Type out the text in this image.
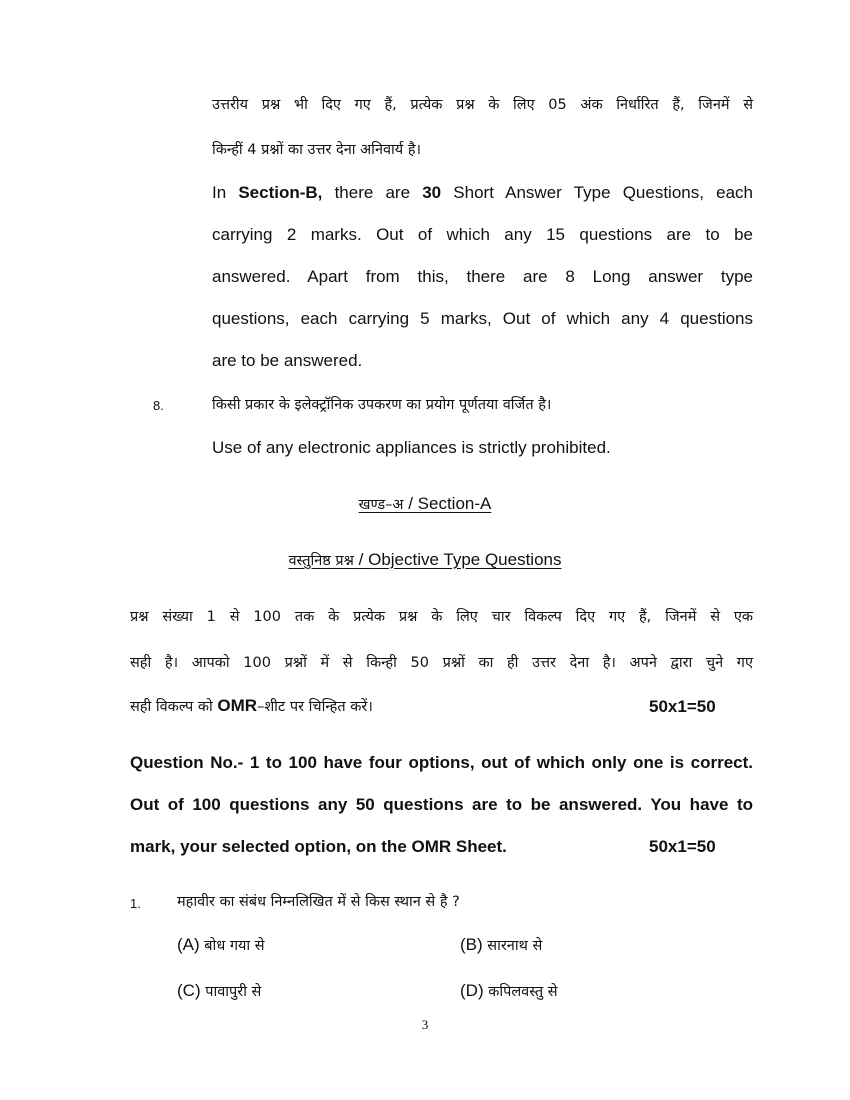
उत्तरीय प्रश्न भी दिए गए हैं, प्रत्येक प्रश्न के लिए 05 अंक निर्धारित हैं, जिनमें से
किन्हीं 4 प्रश्नों का उत्तर देना अनिवार्य है।
In Section-B, there are 30 Short Answer Type Questions, each
carrying 2 marks. Out of which any 15 questions are to be
answered. Apart from this, there are 8 Long answer type
questions, each carrying 5 marks, Out of which any 4 questions
are to be answered.
8.	किसी प्रकार के इलेक्ट्रॉनिक उपकरण का प्रयोग पूर्णतया वर्जित है।
Use of any electronic appliances is strictly prohibited.
खण्ड–अ / Section-A
वस्तुनिष्ठ प्रश्न / Objective Type Questions
प्रश्न संख्या 1 से 100 तक के प्रत्येक प्रश्न के लिए चार विकल्प दिए गए हैं, जिनमें से एक
सही है। आपको 100 प्रश्नों में से किन्ही 50 प्रश्नों का ही उत्तर देना है। अपने द्वारा चुने गए
सही विकल्प को OMR–शीट पर चिन्हित करें।	50x1=50
Question No.- 1 to 100 have four options, out of which only one is correct.
Out of 100 questions any 50 questions are to be answered. You have to
mark, your selected option, on the OMR Sheet.	50x1=50
1. महावीर का संबंध निम्नलिखित में से किस स्थान से है ?
(A) बोध गया से	(B) सारनाथ से
(C) पावापुरी से	(D) कपिलवस्तु से
3
